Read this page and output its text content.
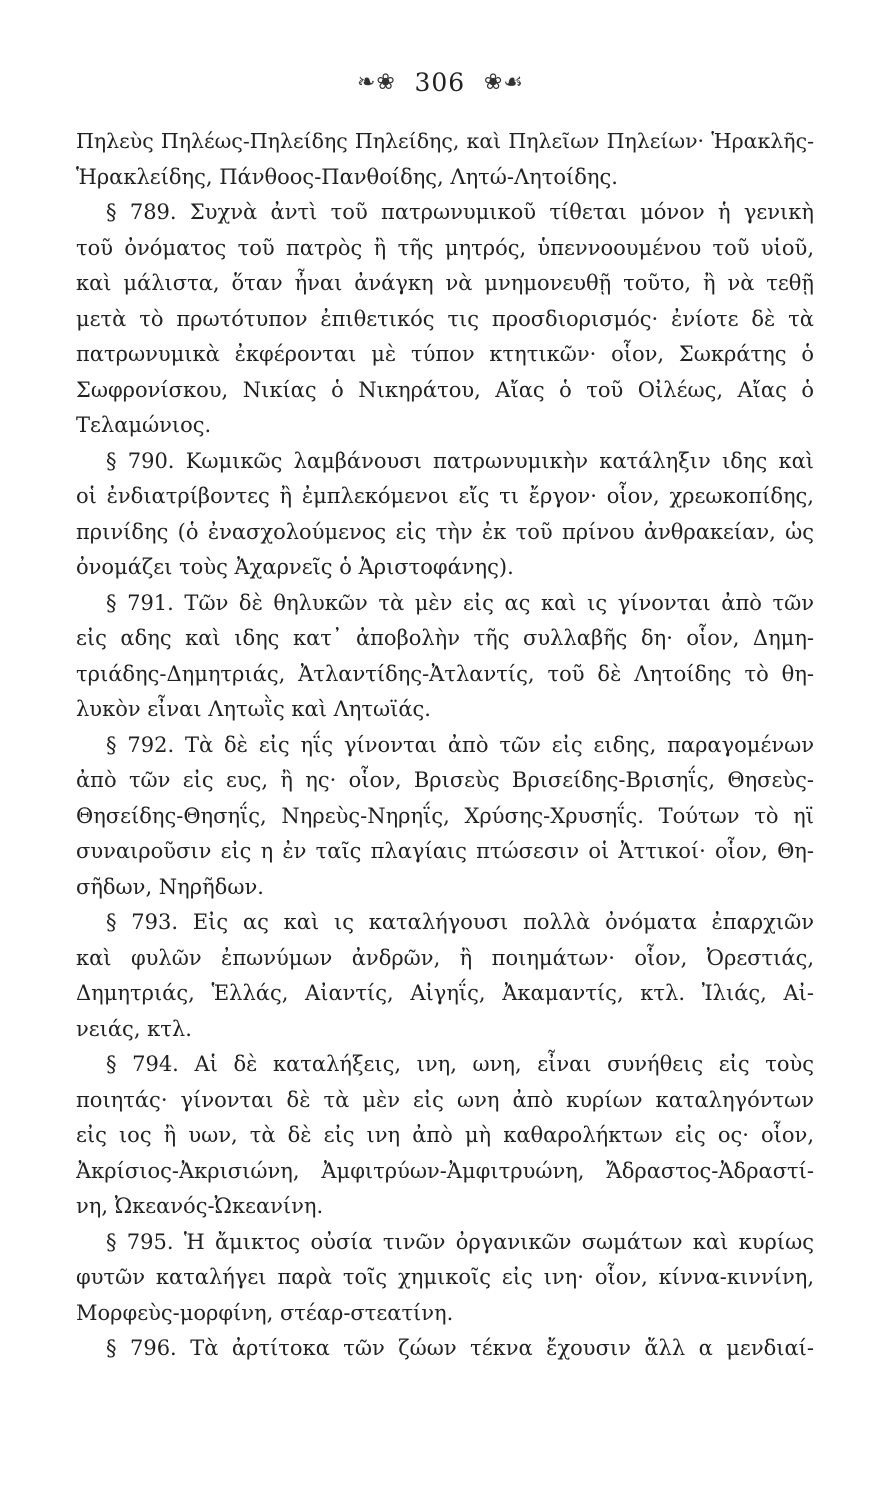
❧❀ 306 ❀☙
Πηλεὺς Πηλέως-Πηλείδης Πηλείδης, καὶ Πηλεῖων Πηλείων· Ἡρακλῆς-
Ἡρακλείδης, Πάνθοος-Πανθοίδης, Λητώ-Λητοίδης.
§ 789. Συχνὰ ἀντὶ τοῦ πατρωνυμικοῦ τίθεται μόνον ἡ γενικὴ
τοῦ ὀνόματος τοῦ πατρὸς ἢ τῆς μητρός, ὑπεννοουμένου τοῦ υἱοῦ,
καὶ μάλιστα, ὅταν ἦναι ἀνάγκη νὰ μνημονευθῇ τοῦτο, ἢ νὰ τεθῇ
μετὰ τὸ πρωτότυπον ἐπιθετικός τις προσδιορισμός· ἐνίοτε δὲ τὰ
πατρωνυμικὰ ἐκφέρονται μὲ τύπον κτητικῶν· οἷον, Σωκράτης ὁ
Σωφρονίσκου, Νικίας ὁ Νικηράτου, Αἴας ὁ τοῦ Οἰλέως, Αἴας ὁ
Τελαμώνιος.
§ 790. Κωμικῶς λαμβάνουσι πατρωνυμικὴν κατάληξιν ιδης καὶ
οἱ ἐνδιατρίβοντες ἢ ἐμπλεκόμενοι εἴς τι ἔργον· οἷον, χρεωκοπίδης,
πρινίδης (ὁ ἐνασχολούμενος εἰς τὴν ἐκ τοῦ πρίνου ἀνθρακείαν, ὡς
ὀνομάζει τοὺς Ἀχαρνεῖς ὁ Ἀριστοφάνης).
§ 791. Τῶν δὲ θηλυκῶν τὰ μὲν εἰς ας καὶ ις γίνονται ἀπὸ τῶν
εἰς αδης καὶ ιδης κατ᾽ ἀποβολὴν τῆς συλλαβῆς δη· οἷον, Δημη-
τριάδης-Δημητριάς, Ἀτλαντίδης-Ἀτλαντίς, τοῦ δὲ Λητοίδης τὸ θη-
λυκὸν εἶναι Λητωῒς καὶ Λητωϊάς.
§ 792. Τὰ δὲ εἰς ηΐς γίνονται ἀπὸ τῶν εἰς ειδης, παραγομένων
ἀπὸ τῶν εἰς ευς, ἢ ης· οἷον, Βρισεὺς Βρισείδης-Βρισηΐς, Θησεὺς-
Θησείδης-Θησηΐς, Νηρεὺς-Νηρηΐς, Χρύσης-Χρυσηΐς. Τούτων τὸ ηϊ
συναιροῦσιν εἰς η ἐν ταῖς πλαγίαις πτώσεσιν οἱ Ἀττικοί· οἷον, Θη-
σῆδων, Νηρῆδων.
§ 793. Εἰς ας καὶ ις καταλήγουσι πολλὰ ὀνόματα ἐπαρχιῶν
καὶ φυλῶν ἐπωνύμων ἀνδρῶν, ἢ ποιημάτων· οἷον, Ὀρεστιάς,
Δημητριάς, Ἑλλάς, Αἰαντίς, Αἰγηΐς, Ἀκαμαντίς, κτλ. Ἰλιάς, Αἰ-
νειάς, κτλ.
§ 794. Αἱ δὲ καταλήξεις, ινη, ωνη, εἶναι συνήθεις εἰς τοὺς
ποιητάς· γίνονται δὲ τὰ μὲν εἰς ωνη ἀπὸ κυρίων καταληγόντων
εἰς ιος ἢ υων, τὰ δὲ εἰς ινη ἀπὸ μὴ καθαρολήκτων εἰς ος· οἷον,
Ἀκρίσιος-Ἀκρισιώνη, Ἀμφιτρύων-Ἀμφιτρυώνη, Ἄδραστος-Ἀδραστί-
νη, Ὠκεανός-Ὠκεανίνη.
§ 795. Ἡ ἄμικτος οὐσία τινῶν ὀργανικῶν σωμάτων καὶ κυρίως
φυτῶν καταλήγει παρὰ τοῖς χημικοῖς εἰς ινη· οἷον, κίννα-κιννίνη,
Μορφεὺς-μορφίνη, στέαρ-στεατίνη.
§ 796. Τὰ ἀρτίτοκα τῶν ζώων τέκνα ἔχουσιν ἄλλ α μενδιαί-
